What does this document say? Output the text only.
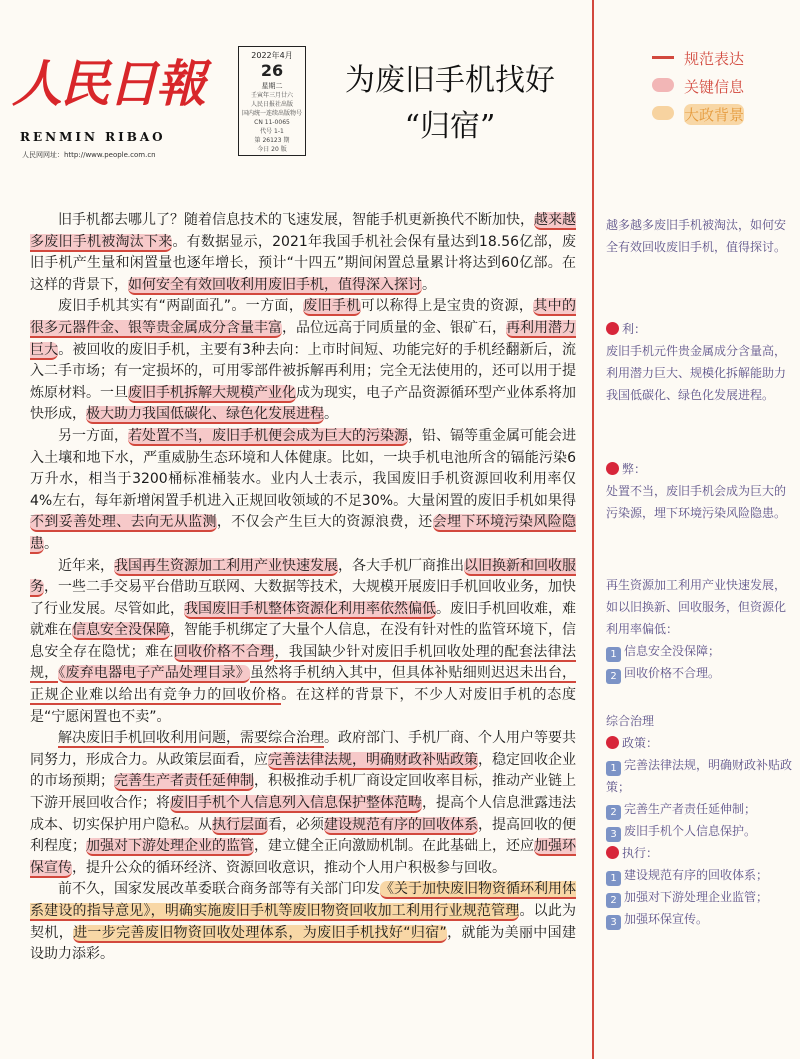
人民日報
RENMIN RIBAO
人民网网址：http://www.people.com.cn
2022年4月
26
星期二
壬寅年三月廿六
人民日报社出版
国内统一连续出版物号
CN 11-0065
代号 1-1
第 26123 期
今日 20 版
为废旧手机找好
“归宿”
规范表达
关键信息
大政背景

旧手机都去哪儿了？随着信息技术的飞速发展，智能手机更新换代不断加快，越来越多废旧手机被淘汰下来。有数据显示，2021年我国手机社会保有量达到18.56亿部，废旧手机产生量和闲置量也逐年增长，预计“十四五”期间闲置总量累计将达到60亿部。在这样的背景下，如何安全有效回收利用废旧手机，值得深入探讨。

废旧手机其实有“两副面孔”。一方面，废旧手机可以称得上是宝贵的资源，其中的很多元器件金、银等贵金属成分含量丰富，品位远高于同质量的金、银矿石，再利用潜力巨大。被回收的废旧手机，主要有3种去向：上市时间短、功能完好的手机经翻新后，流入二手市场；有一定损坏的，可用零部件被拆解再利用；完全无法使用的，还可以用于提炼原材料。一旦废旧手机拆解大规模产业化成为现实，电子产品资源循环型产业体系将加快形成，极大助力我国低碳化、绿色化发展进程。

另一方面，若处置不当，废旧手机便会成为巨大的污染源，铅、镉等重金属可能会进入土壤和地下水，严重威胁生态环境和人体健康。比如，一块手机电池所含的镉能污染6万升水，相当于3200桶标准桶装水。业内人士表示，我国废旧手机资源回收利用率仅4%左右，每年新增闲置手机进入正规回收领域的不足30%。大量闲置的废旧手机如果得不到妥善处理、去向无从监测，不仅会产生巨大的资源浪费，还会埋下环境污染风险隐患。

近年来，我国再生资源加工利用产业快速发展，各大手机厂商推出以旧换新和回收服务，一些二手交易平台借助互联网、大数据等技术，大规模开展废旧手机回收业务，加快了行业发展。尽管如此，我国废旧手机整体资源化利用率依然偏低。废旧手机回收难，难就难在信息安全没保障，智能手机绑定了大量个人信息，在没有针对性的监管环境下，信息安全存在隐忧；难在回收价格不合理，我国缺少针对废旧手机回收处理的配套法律法规，《废弃电器电子产品处理目录》虽然将手机纳入其中，但具体补贴细则迟迟未出台，正规企业难以给出有竞争力的回收价格。在这样的背景下，不少人对废旧手机的态度是“宁愿闲置也不卖”。

解决废旧手机回收利用问题，需要综合治理。政府部门、手机厂商、个人用户等要共同努力，形成合力。从政策层面看，应完善法律法规，明确财政补贴政策，稳定回收企业的市场预期；完善生产者责任延伸制，积极推动手机厂商设定回收率目标，推动产业链上下游开展回收合作；将废旧手机个人信息列入信息保护整体范畴，提高个人信息泄露违法成本、切实保护用户隐私。从执行层面看，必须建设规范有序的回收体系，提高回收的便利程度；加强对下游处理企业的监管，建立健全正向激励机制。在此基础上，还应加强环保宣传，提升公众的循环经济、资源回收意识，推动个人用户积极参与回收。

前不久，国家发展改革委联合商务部等有关部门印发《关于加快废旧物资循环利用体系建设的指导意见》，明确实施废旧手机等废旧物资回收加工利用行业规范管理。以此为契机，进一步完善废旧物资回收处理体系，为废旧手机找好“归宿”，就能为美丽中国建设助力添彩。

越多越多废旧手机被淘汰，如何安全有效回收废旧手机，值得探讨。
利：
废旧手机元件贵金属成分含量高，利用潜力巨大、规模化拆解能助力我国低碳化、绿色化发展进程。
弊：
处置不当，废旧手机会成为巨大的污染源，埋下环境污染风险隐患。
再生资源加工利用产业快速发展，如以旧换新、回收服务，但资源化利用率偏低：
1 信息安全没保障；
2 回收价格不合理。
综合治理
政策：
1 完善法律法规，明确财政补贴政策；
2 完善生产者责任延伸制；
3 废旧手机个人信息保护。
执行：
1 建设规范有序的回收体系；
2 加强对下游处理企业监管；
3 加强环保宣传。
